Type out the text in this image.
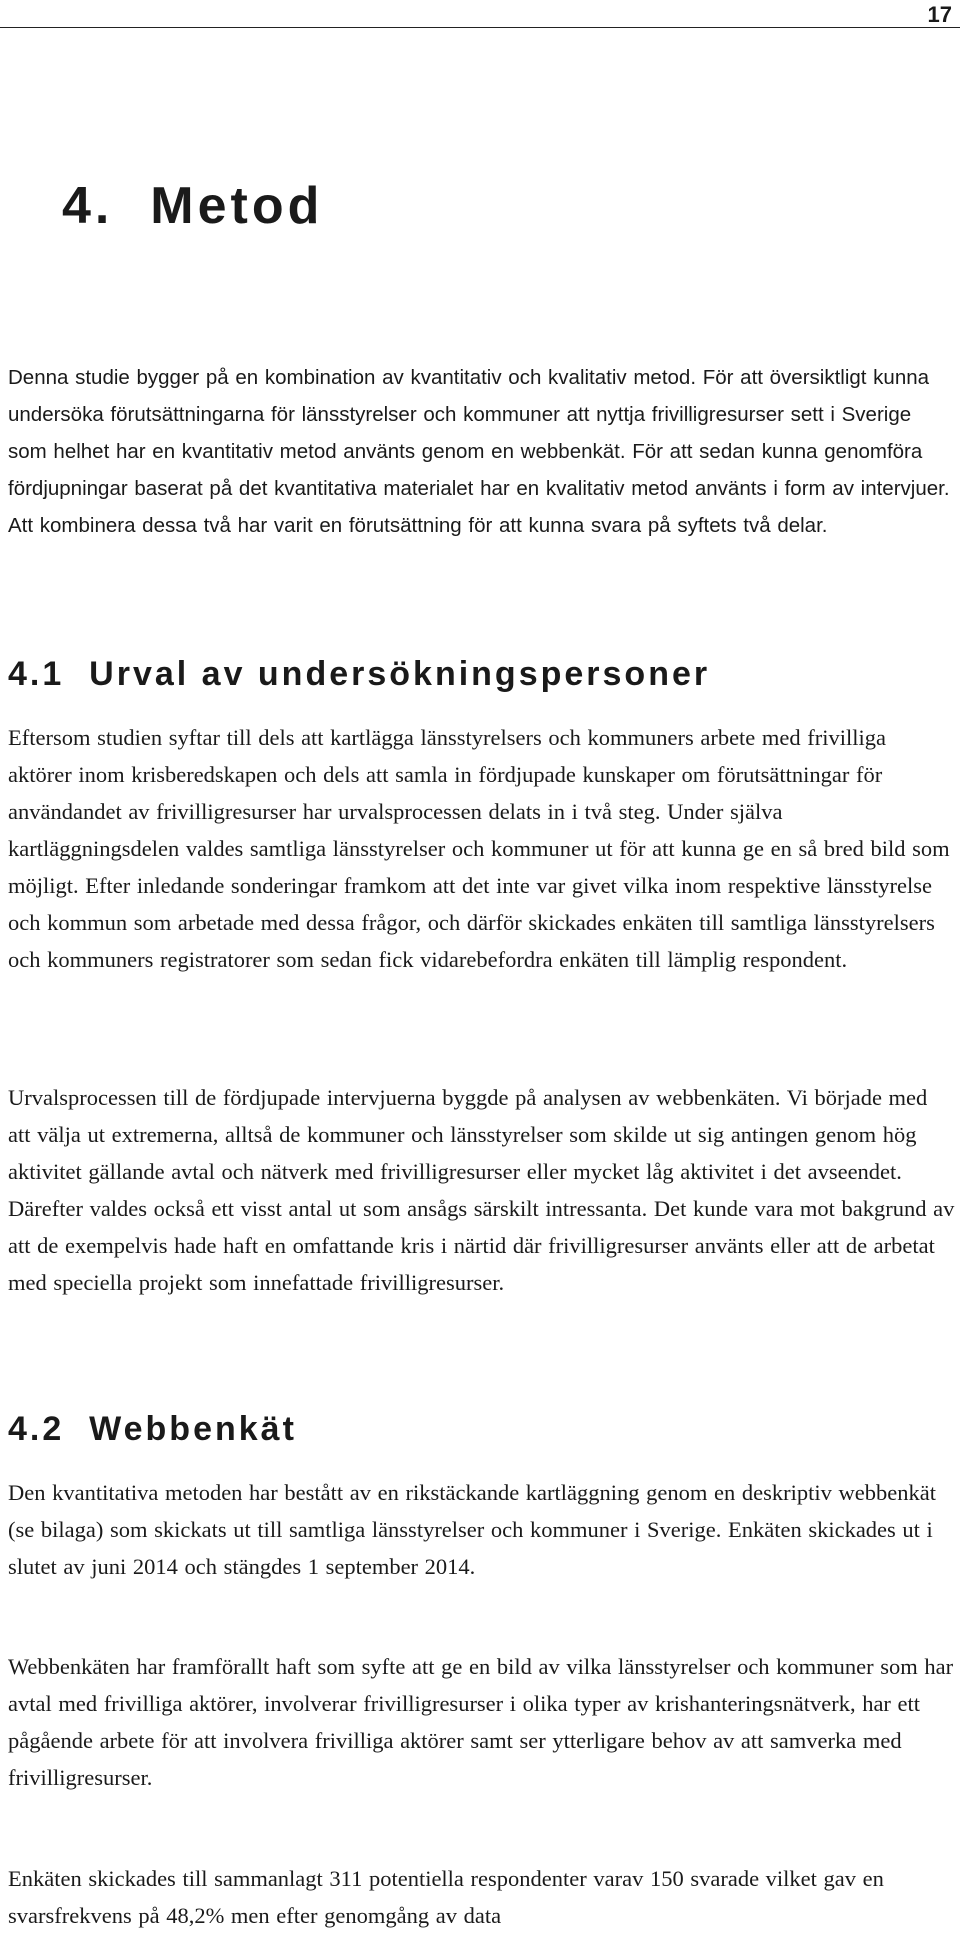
17
4.  Metod

Denna studie bygger på en kombination av kvantitativ och kvalitativ metod. För att översiktligt kunna undersöka förutsättningarna för länsstyrelser och kommuner att nyttja frivilligresurser sett i Sverige som helhet har en kvantitativ metod använts genom en webbenkät. För att sedan kunna genomföra fördjupningar baserat på det kvantitativa materialet har en kvalitativ metod använts i form av intervjuer. Att kombinera dessa två har varit en förutsättning för att kunna svara på syftets två delar.

4.1  Urval av undersökningspersoner

Eftersom studien syftar till dels att kartlägga länsstyrelsers och kommuners arbete med frivilliga aktörer inom krisberedskapen och dels att samla in fördjupade kunskaper om förutsättningar för användandet av frivilligresurser har urvalsprocessen delats in i två steg. Under själva kartläggningsdelen valdes samtliga länsstyrelser och kommuner ut för att kunna ge en så bred bild som möjligt. Efter inledande sonderingar framkom att det inte var givet vilka inom respektive länsstyrelse och kommun som arbetade med dessa frågor, och därför skickades enkäten till samtliga länsstyrelsers och kommuners registratorer som sedan fick vidarebefordra enkäten till lämplig respondent.

Urvalsprocessen till de fördjupade intervjuerna byggde på analysen av webbenkäten. Vi började med att välja ut extremerna, alltså de kommuner och länsstyrelser som skilde ut sig antingen genom hög aktivitet gällande avtal och nätverk med frivilligresurser eller mycket låg aktivitet i det avseendet. Därefter valdes också ett visst antal ut som ansågs särskilt intressanta. Det kunde vara mot bakgrund av att de exempelvis hade haft en omfattande kris i närtid där frivilligresurser använts eller att de arbetat med speciella projekt som innefattade frivilligresurser.

4.2  Webbenkät

Den kvantitativa metoden har bestått av en rikstäckande kartläggning genom en deskriptiv webbenkät (se bilaga) som skickats ut till samtliga länsstyrelser och kommuner i Sverige. Enkäten skickades ut i slutet av juni 2014 och stängdes 1 september 2014.

Webbenkäten har framförallt haft som syfte att ge en bild av vilka länsstyrelser och kommuner som har avtal med frivilliga aktörer, involverar frivilligresurser i olika typer av krishanteringsnätverk, har ett pågående arbete för att involvera frivilliga aktörer samt ser ytterligare behov av att samverka med frivilligresurser.

Enkäten skickades till sammanlagt 311 potentiella respondenter varav 150 svarade vilket gav en svarsfrekvens på 48,2% men efter genomgång av data
